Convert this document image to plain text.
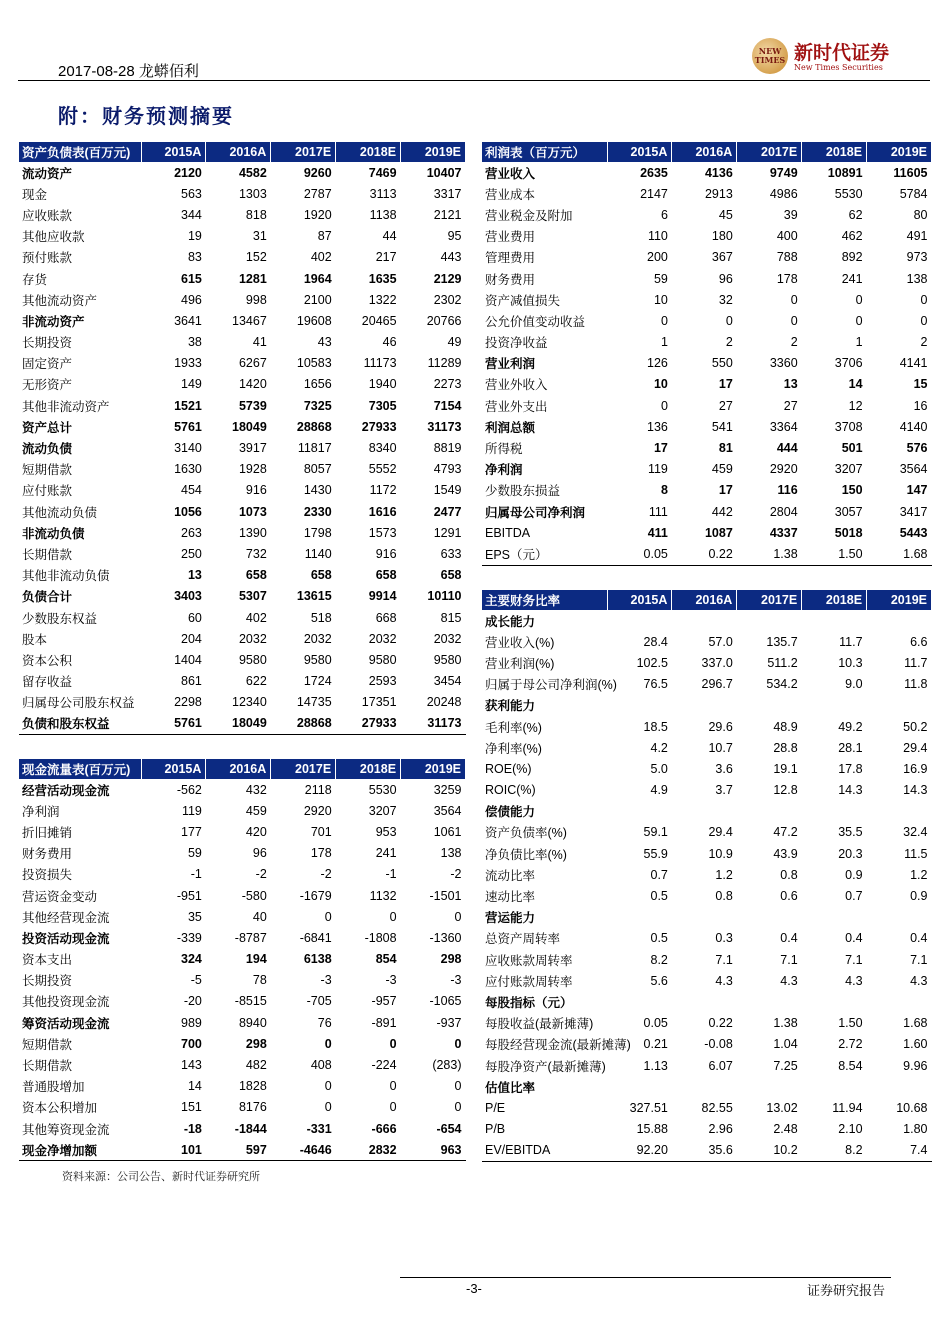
2017-08-28 龙蟒佰利
NEW TIMES 新时代证券
New Times Securities
附：财务预测摘要
资产负债表(百万元)	2015A	2016A	2017E	2018E	2019E
流动资产	2120	4582	9260	7469	10407
现金	563	1303	2787	3113	3317
应收账款	344	818	1920	1138	2121
其他应收款	19	31	87	44	95
预付账款	83	152	402	217	443
存货	615	1281	1964	1635	2129
其他流动资产	496	998	2100	1322	2302
非流动资产	3641	13467	19608	20465	20766
长期投资	38	41	43	46	49
固定资产	1933	6267	10583	11173	11289
无形资产	149	1420	1656	1940	2273
其他非流动资产	1521	5739	7325	7305	7154
资产总计	5761	18049	28868	27933	31173
流动负债	3140	3917	11817	8340	8819
短期借款	1630	1928	8057	5552	4793
应付账款	454	916	1430	1172	1549
其他流动负债	1056	1073	2330	1616	2477
非流动负债	263	1390	1798	1573	1291
长期借款	250	732	1140	916	633
其他非流动负债	13	658	658	658	658
负债合计	3403	5307	13615	9914	10110
少数股东权益	60	402	518	668	815
股本	204	2032	2032	2032	2032
资本公积	1404	9580	9580	9580	9580
留存收益	861	622	1724	2593	3454
归属母公司股东权益	2298	12340	14735	17351	20248
负债和股东权益	5761	18049	28868	27933	31173
现金流量表(百万元)	2015A	2016A	2017E	2018E	2019E
经营活动现金流	-562	432	2118	5530	3259
净利润	119	459	2920	3207	3564
折旧摊销	177	420	701	953	1061
财务费用	59	96	178	241	138
投资损失	-1	-2	-2	-1	-2
营运资金变动	-951	-580	-1679	1132	-1501
其他经营现金流	35	40	0	0	0
投资活动现金流	-339	-8787	-6841	-1808	-1360
资本支出	324	194	6138	854	298
长期投资	-5	78	-3	-3	-3
其他投资现金流	-20	-8515	-705	-957	-1065
筹资活动现金流	989	8940	76	-891	-937
短期借款	700	298	0	0	0
长期借款	143	482	408	-224	(283)
普通股增加	14	1828	0	0	0
资本公积增加	151	8176	0	0	0
其他筹资现金流	-18	-1844	-331	-666	-654
现金净增加额	101	597	-4646	2832	963
利润表（百万元）	2015A	2016A	2017E	2018E	2019E
营业收入	2635	4136	9749	10891	11605
营业成本	2147	2913	4986	5530	5784
营业税金及附加	6	45	39	62	80
营业费用	110	180	400	462	491
管理费用	200	367	788	892	973
财务费用	59	96	178	241	138
资产减值损失	10	32	0	0	0
公允价值变动收益	0	0	0	0	0
投资净收益	1	2	2	1	2
营业利润	126	550	3360	3706	4141
营业外收入	10	17	13	14	15
营业外支出	0	27	27	12	16
利润总额	136	541	3364	3708	4140
所得税	17	81	444	501	576
净利润	119	459	2920	3207	3564
少数股东损益	8	17	116	150	147
归属母公司净利润	111	442	2804	3057	3417
EBITDA	411	1087	4337	5018	5443
EPS（元）	0.05	0.22	1.38	1.50	1.68
主要财务比率	2015A	2016A	2017E	2018E	2019E
成长能力					
营业收入(%)	28.4	57.0	135.7	11.7	6.6
营业利润(%)	102.5	337.0	511.2	10.3	11.7
归属于母公司净利润(%)	76.5	296.7	534.2	9.0	11.8
获利能力					
毛利率(%)	18.5	29.6	48.9	49.2	50.2
净利率(%)	4.2	10.7	28.8	28.1	29.4
ROE(%)	5.0	3.6	19.1	17.8	16.9
ROIC(%)	4.9	3.7	12.8	14.3	14.3
偿债能力					
资产负债率(%)	59.1	29.4	47.2	35.5	32.4
净负债比率(%)	55.9	10.9	43.9	20.3	11.5
流动比率	0.7	1.2	0.8	0.9	1.2
速动比率	0.5	0.8	0.6	0.7	0.9
营运能力					
总资产周转率	0.5	0.3	0.4	0.4	0.4
应收账款周转率	8.2	7.1	7.1	7.1	7.1
应付账款周转率	5.6	4.3	4.3	4.3	4.3
每股指标（元）					
每股收益(最新摊薄)	0.05	0.22	1.38	1.50	1.68
每股经营现金流(最新摊薄)	0.21	-0.08	1.04	2.72	1.60
每股净资产(最新摊薄)	1.13	6.07	7.25	8.54	9.96
估值比率					
P/E	327.51	82.55	13.02	11.94	10.68
P/B	15.88	2.96	2.48	2.10	1.80
EV/EBITDA	92.20	35.6	10.2	8.2	7.4
资料来源：公司公告、新时代证券研究所
-3-	证券研究报告
